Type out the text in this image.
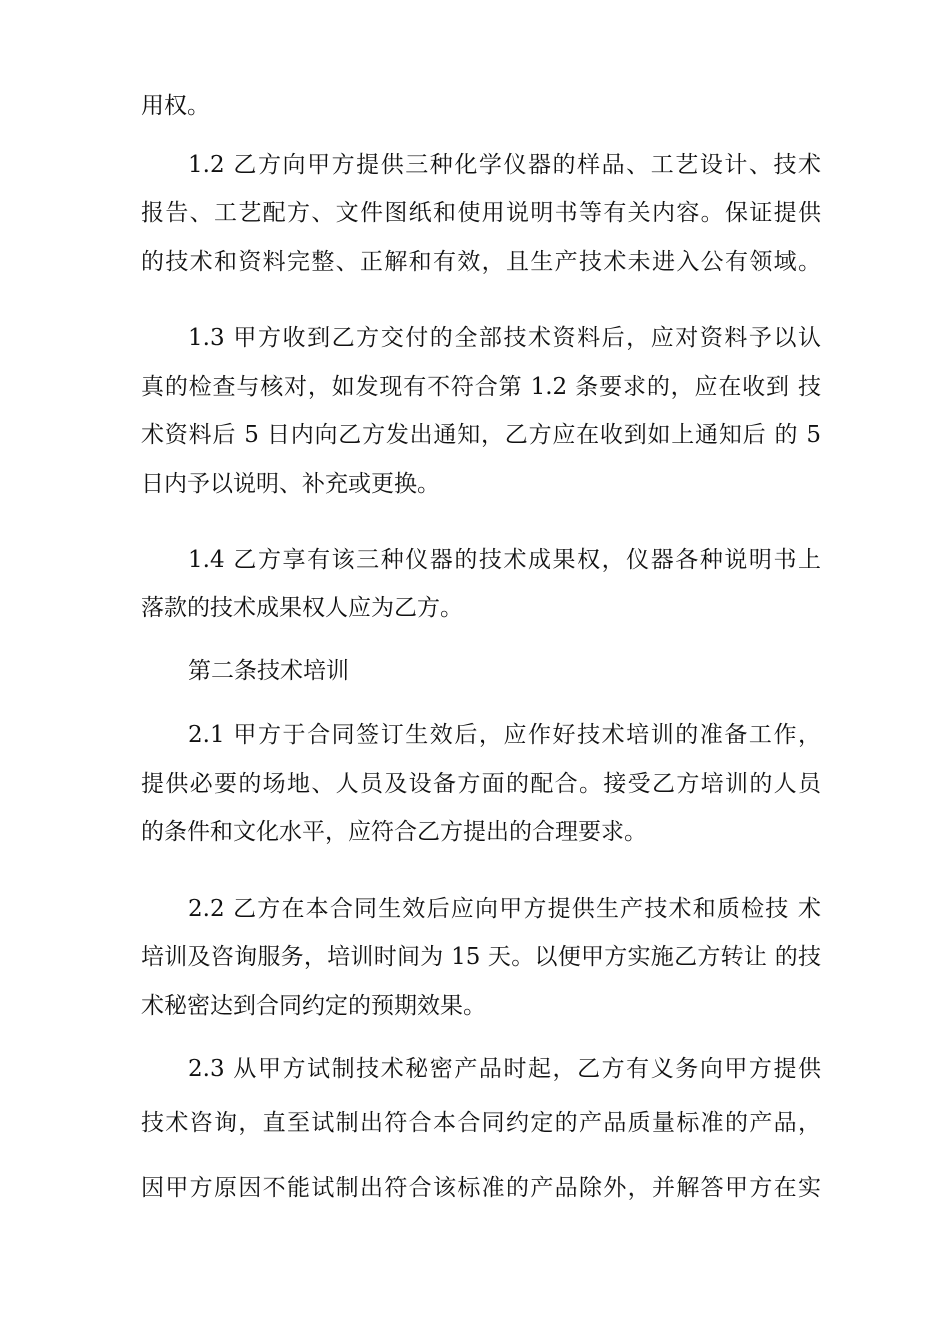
用权。
1.2 乙方向甲方提供三种化学仪器的样品、工艺设计、技术
报告、工艺配方、文件图纸和使用说明书等有关内容。保证提供
的技术和资料完整、正解和有效，且生产技术未进入公有领域。
1.3 甲方收到乙方交付的全部技术资料后，应对资料予以认
真的检查与核对，如发现有不符合第 1.2 条要求的，应在收到 技
术资料后 5 日内向乙方发出通知，乙方应在收到如上通知后 的 5
日内予以说明、补充或更换。
1.4 乙方享有该三种仪器的技术成果权，仪器各种说明书上
落款的技术成果权人应为乙方。
第二条技术培训
2.1 甲方于合同签订生效后，应作好技术培训的准备工作，
提供必要的场地、人员及设备方面的配合。接受乙方培训的人员
的条件和文化水平，应符合乙方提出的合理要求。
2.2 乙方在本合同生效后应向甲方提供生产技术和质检技 术
培训及咨询服务，培训时间为 15 天。以便甲方实施乙方转让 的技
术秘密达到合同约定的预期效果。
2.3 从甲方试制技术秘密产品时起，乙方有义务向甲方提供
技术咨询，直至试制出符合本合同约定的产品质量标准的产品，
因甲方原因不能试制出符合该标准的产品除外，并解答甲方在实
